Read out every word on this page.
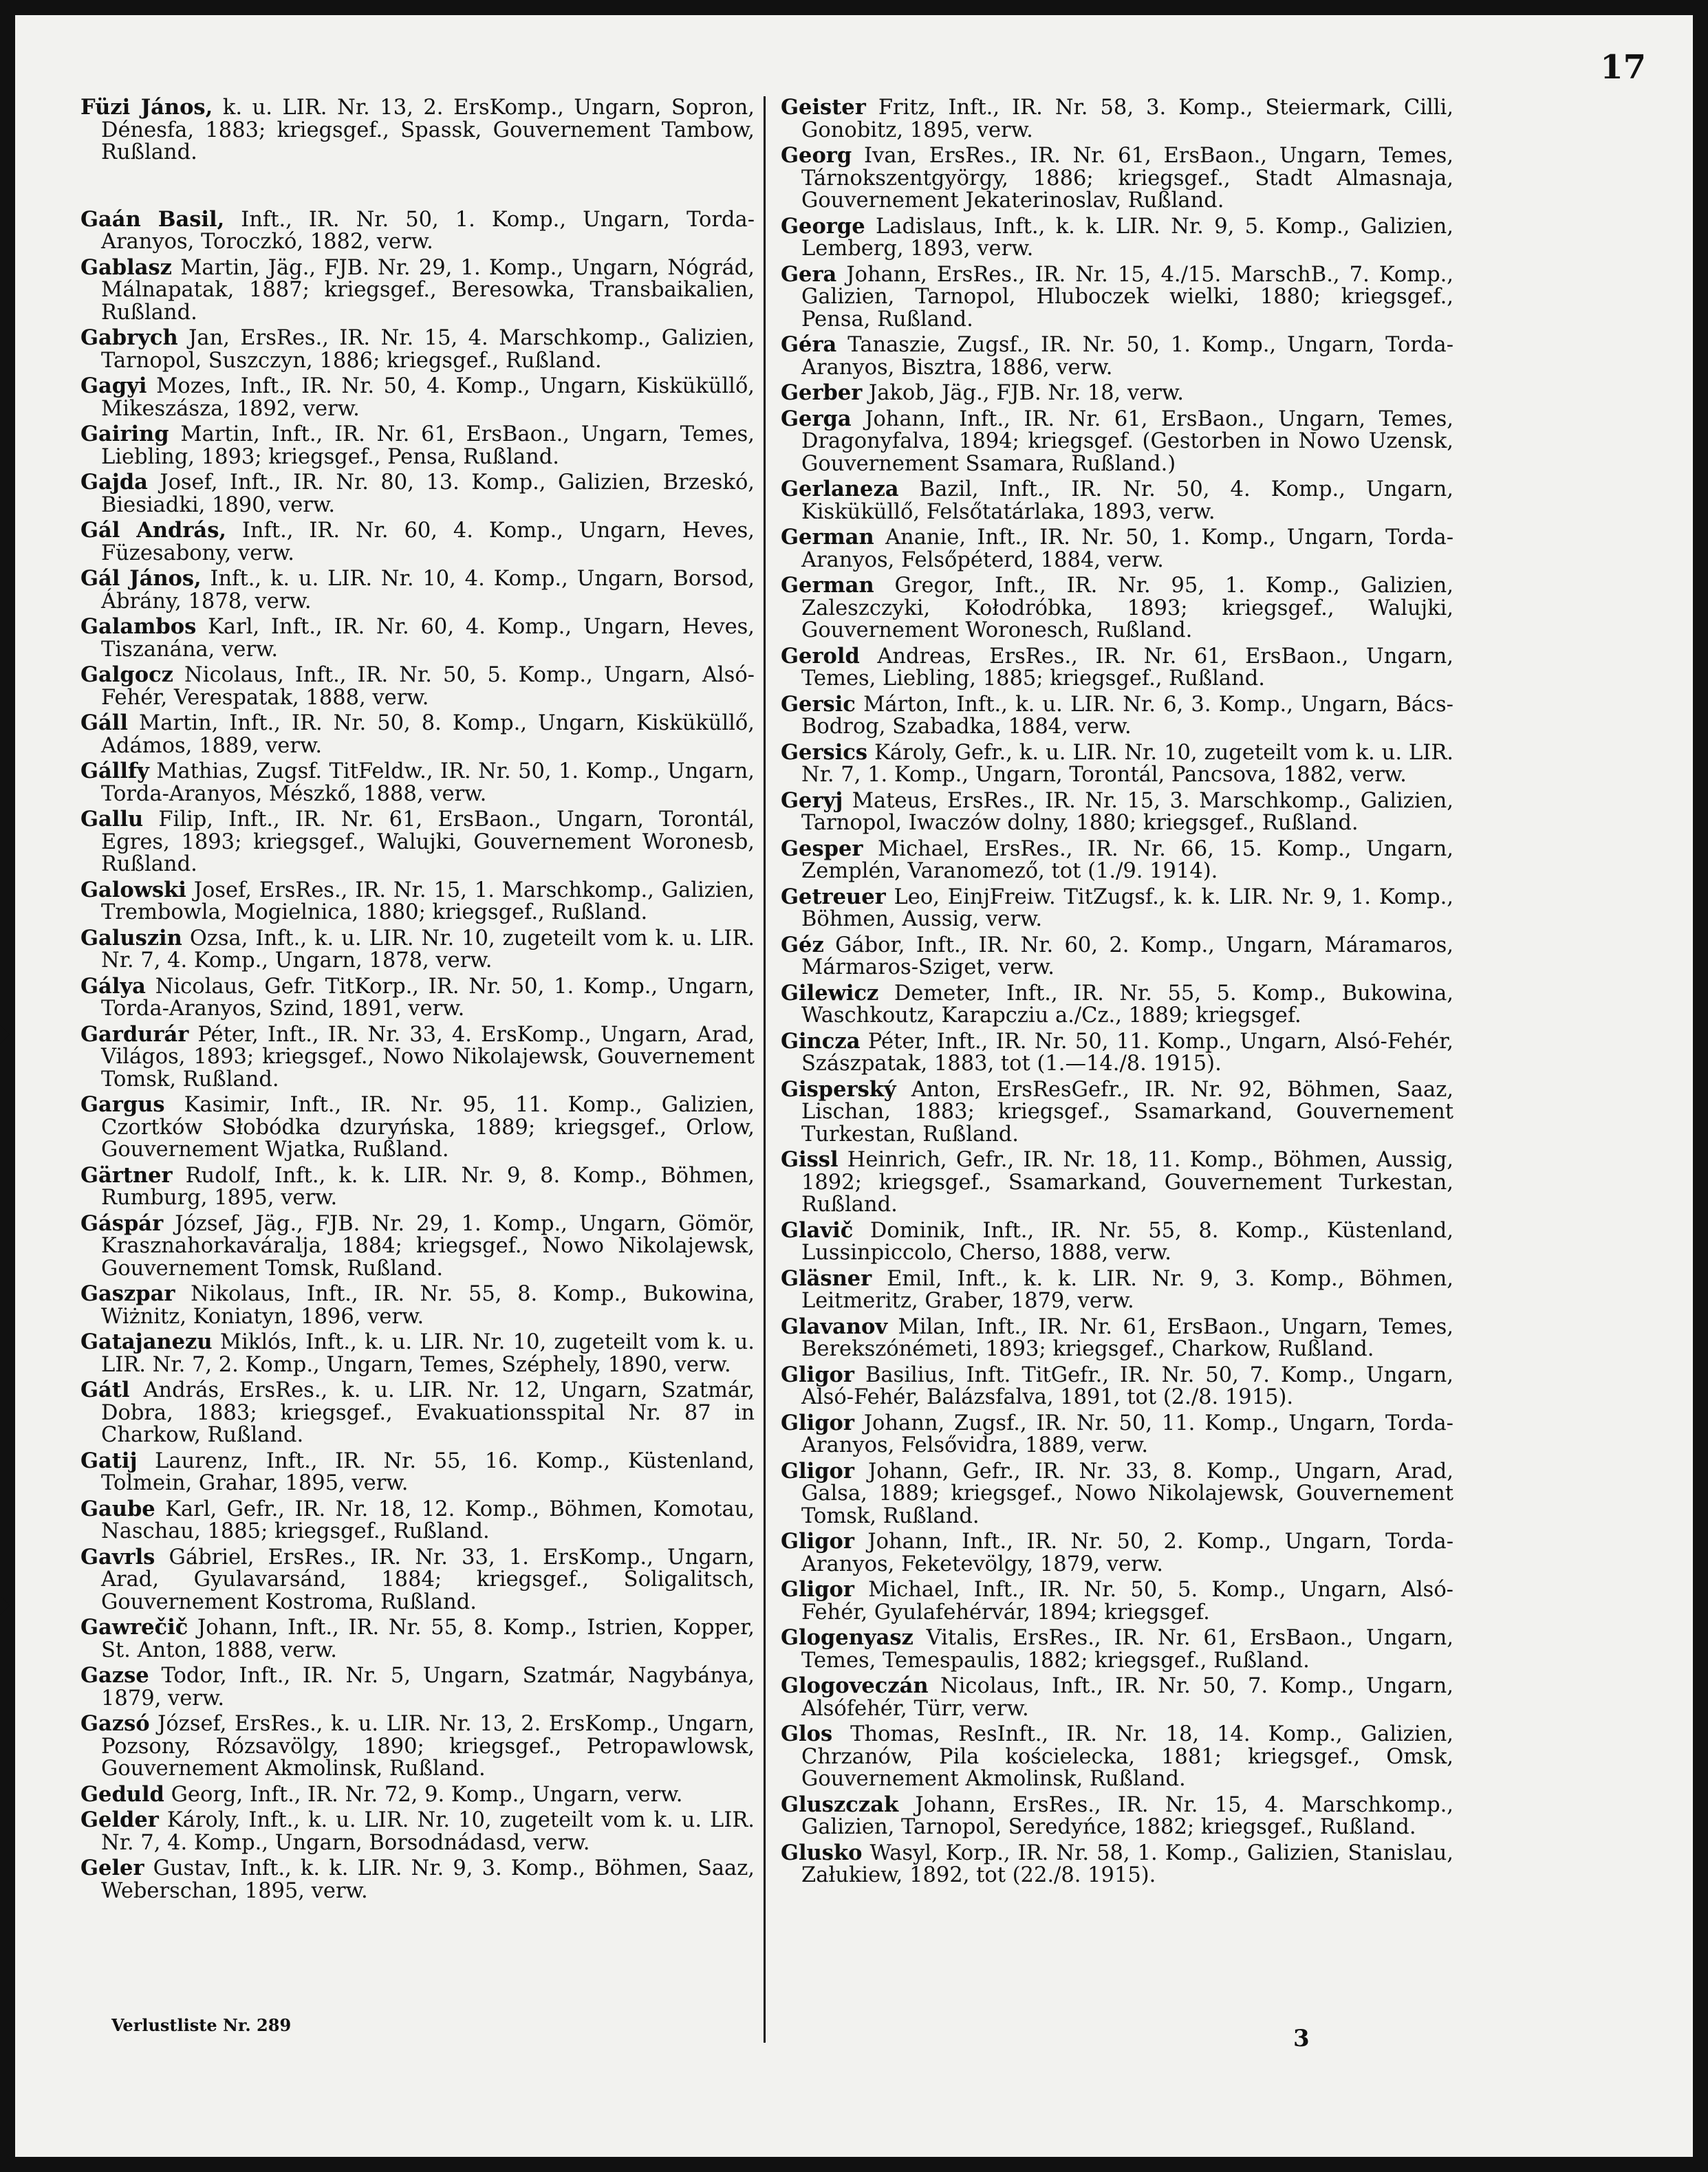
17

Füzi János, k. u. LIR. Nr. 13, 2. ErsKomp., Ungarn, Sopron, Dénesfa, 1883; kriegsgef., Spassk, Gouvernement Tambow, Rußland.

Gaán Basil, Inft., IR. Nr. 50, 1. Komp., Ungarn, Torda-Aranyos, Toroczkó, 1882, verw.

Gablasz Martin, Jäg., FJB. Nr. 29, 1. Komp., Ungarn, Nógrád, Málnapatak, 1887; kriegsgef., Beresowka, Transbaikalien, Rußland.

Gabrych Jan, ErsRes., IR. Nr. 15, 4. Marschkomp., Galizien, Tarnopol, Suszczyn, 1886; kriegsgef., Rußland.

Gagyi Mozes, Inft., IR. Nr. 50, 4. Komp., Ungarn, Kisküküllő, Mikeszásza, 1892, verw.

Gairing Martin, Inft., IR. Nr. 61, ErsBaon., Ungarn, Temes, Liebling, 1893; kriegsgef., Pensa, Rußland.

Gajda Josef, Inft., IR. Nr. 80, 13. Komp., Galizien, Brzeskó, Biesiadki, 1890, verw.

Gál András, Inft., IR. Nr. 60, 4. Komp., Ungarn, Heves, Füzesabony, verw.

Gál János, Inft., k. u. LIR. Nr. 10, 4. Komp., Ungarn, Borsod, Ábrány, 1878, verw.

Galambos Karl, Inft., IR. Nr. 60, 4. Komp., Ungarn, Heves, Tiszanána, verw.

Galgocz Nicolaus, Inft., IR. Nr. 50, 5. Komp., Ungarn, Alsó-Fehér, Verespatak, 1888, verw.

Gáll Martin, Inft., IR. Nr. 50, 8. Komp., Ungarn, Kisküküllő, Adámos, 1889, verw.

Gállfy Mathias, Zugsf. TitFeldw., IR. Nr. 50, 1. Komp., Ungarn, Torda-Aranyos, Mészkő, 1888, verw.

Gallu Filip, Inft., IR. Nr. 61, ErsBaon., Ungarn, Torontál, Egres, 1893; kriegsgef., Walujki, Gouvernement Woronesb, Rußland.

Galowski Josef, ErsRes., IR. Nr. 15, 1. Marschkomp., Galizien, Trembowla, Mogielnica, 1880; kriegsgef., Rußland.

Galuszin Ozsa, Inft., k. u. LIR. Nr. 10, zugeteilt vom k. u. LIR. Nr. 7, 4. Komp., Ungarn, 1878, verw.

Gálya Nicolaus, Gefr. TitKorp., IR. Nr. 50, 1. Komp., Ungarn, Torda-Aranyos, Szind, 1891, verw.

Gardurár Péter, Inft., IR. Nr. 33, 4. ErsKomp., Ungarn, Arad, Világos, 1893; kriegsgef., Nowo Nikolajewsk, Gouvernement Tomsk, Rußland.

Gargus Kasimir, Inft., IR. Nr. 95, 11. Komp., Galizien, Czortków Słobódka dzuryńska, 1889; kriegsgef., Orlow, Gouvernement Wjatka, Rußland.

Gärtner Rudolf, Inft., k. k. LIR. Nr. 9, 8. Komp., Böhmen, Rumburg, 1895, verw.

Gáspár József, Jäg., FJB. Nr. 29, 1. Komp., Ungarn, Gömör, Krasznahorkaváralja, 1884; kriegsgef., Nowo Nikolajewsk, Gouvernement Tomsk, Rußland.

Gaszpar Nikolaus, Inft., IR. Nr. 55, 8. Komp., Bukowina, Wiżnitz, Koniatyn, 1896, verw.

Gatajanezu Miklós, Inft., k. u. LIR. Nr. 10, zugeteilt vom k. u. LIR. Nr. 7, 2. Komp., Ungarn, Temes, Széphely, 1890, verw.

Gátl András, ErsRes., k. u. LIR. Nr. 12, Ungarn, Szatmár, Dobra, 1883; kriegsgef., Evakuationsspital Nr. 87 in Charkow, Rußland.

Gatij Laurenz, Inft., IR. Nr. 55, 16. Komp., Küstenland, Tolmein, Grahar, 1895, verw.

Gaube Karl, Gefr., IR. Nr. 18, 12. Komp., Böhmen, Komotau, Naschau, 1885; kriegsgef., Rußland.

Gavrls Gábriel, ErsRes., IR. Nr. 33, 1. ErsKomp., Ungarn, Arad, Gyulavarsánd, 1884; kriegsgef., Soligalitsch, Gouvernement Kostroma, Rußland.

Gawrečič Johann, Inft., IR. Nr. 55, 8. Komp., Istrien, Kopper, St. Anton, 1888, verw.

Gazse Todor, Inft., IR. Nr. 5, Ungarn, Szatmár, Nagybánya, 1879, verw.

Gazsó József, ErsRes., k. u. LIR. Nr. 13, 2. ErsKomp., Ungarn, Pozsony, Rózsavölgy, 1890; kriegsgef., Petropawlowsk, Gouvernement Akmolinsk, Rußland.

Geduld Georg, Inft., IR. Nr. 72, 9. Komp., Ungarn, verw.

Gelder Károly, Inft., k. u. LIR. Nr. 10, zugeteilt vom k. u. LIR. Nr. 7, 4. Komp., Ungarn, Borsodnádasd, verw.

Geler Gustav, Inft., k. k. LIR. Nr. 9, 3. Komp., Böhmen, Saaz, Weberschan, 1895, verw.

Geister Fritz, Inft., IR. Nr. 58, 3. Komp., Steiermark, Cilli, Gonobitz, 1895, verw.

Georg Ivan, ErsRes., IR. Nr. 61, ErsBaon., Ungarn, Temes, Tárnokszentgyörgy, 1886; kriegsgef., Stadt Almasnaja, Gouvernement Jekaterinoslav, Rußland.

George Ladislaus, Inft., k. k. LIR. Nr. 9, 5. Komp., Galizien, Lemberg, 1893, verw.

Gera Johann, ErsRes., IR. Nr. 15, 4./15. MarschB., 7. Komp., Galizien, Tarnopol, Hluboczek wielki, 1880; kriegsgef., Pensa, Rußland.

Géra Tanaszie, Zugsf., IR. Nr. 50, 1. Komp., Ungarn, Torda-Aranyos, Bisztra, 1886, verw.

Gerber Jakob, Jäg., FJB. Nr. 18, verw.

Gerga Johann, Inft., IR. Nr. 61, ErsBaon., Ungarn, Temes, Dragonyfalva, 1894; kriegsgef. (Gestorben in Nowo Uzensk, Gouvernement Ssamara, Rußland.)

Gerlaneza Bazil, Inft., IR. Nr. 50, 4. Komp., Ungarn, Kisküküllő, Felsőtatárlaka, 1893, verw.

German Ananie, Inft., IR. Nr. 50, 1. Komp., Ungarn, Torda-Aranyos, Felsőpéterd, 1884, verw.

German Gregor, Inft., IR. Nr. 95, 1. Komp., Galizien, Zaleszczyki, Kołodróbka, 1893; kriegsgef., Walujki, Gouvernement Woronesch, Rußland.

Gerold Andreas, ErsRes., IR. Nr. 61, ErsBaon., Ungarn, Temes, Liebling, 1885; kriegsgef., Rußland.

Gersic Márton, Inft., k. u. LIR. Nr. 6, 3. Komp., Ungarn, Bács-Bodrog, Szabadka, 1884, verw.

Gersics Károly, Gefr., k. u. LIR. Nr. 10, zugeteilt vom k. u. LIR. Nr. 7, 1. Komp., Ungarn, Torontál, Pancsova, 1882, verw.

Geryj Mateus, ErsRes., IR. Nr. 15, 3. Marschkomp., Galizien, Tarnopol, Iwaczów dolny, 1880; kriegsgef., Rußland.

Gesper Michael, ErsRes., IR. Nr. 66, 15. Komp., Ungarn, Zemplén, Varanomező, tot (1./9. 1914).

Getreuer Leo, EinjFreiw. TitZugsf., k. k. LIR. Nr. 9, 1. Komp., Böhmen, Aussig, verw.

Géz Gábor, Inft., IR. Nr. 60, 2. Komp., Ungarn, Máramaros, Mármaros-Sziget, verw.

Gilewicz Demeter, Inft., IR. Nr. 55, 5. Komp., Bukowina, Waschkoutz, Karapcziu a./Cz., 1889; kriegsgef.

Gincza Péter, Inft., IR. Nr. 50, 11. Komp., Ungarn, Alsó-Fehér, Szászpatak, 1883, tot (1.—14./8. 1915).

Gisperský Anton, ErsResGefr., IR. Nr. 92, Böhmen, Saaz, Lischan, 1883; kriegsgef., Ssamarkand, Gouvernement Turkestan, Rußland.

Gissl Heinrich, Gefr., IR. Nr. 18, 11. Komp., Böhmen, Aussig, 1892; kriegsgef., Ssamarkand, Gouvernement Turkestan, Rußland.

Glavič Dominik, Inft., IR. Nr. 55, 8. Komp., Küstenland, Lussinpiccolo, Cherso, 1888, verw.

Gläsner Emil, Inft., k. k. LIR. Nr. 9, 3. Komp., Böhmen, Leitmeritz, Graber, 1879, verw.

Glavanov Milan, Inft., IR. Nr. 61, ErsBaon., Ungarn, Temes, Berekszónémeti, 1893; kriegsgef., Charkow, Rußland.

Gligor Basilius, Inft. TitGefr., IR. Nr. 50, 7. Komp., Ungarn, Alsó-Fehér, Balázsfalva, 1891, tot (2./8. 1915).

Gligor Johann, Zugsf., IR. Nr. 50, 11. Komp., Ungarn, Torda-Aranyos, Felsővidra, 1889, verw.

Gligor Johann, Gefr., IR. Nr. 33, 8. Komp., Ungarn, Arad, Galsa, 1889; kriegsgef., Nowo Nikolajewsk, Gouvernement Tomsk, Rußland.

Gligor Johann, Inft., IR. Nr. 50, 2. Komp., Ungarn, Torda-Aranyos, Feketevölgy, 1879, verw.

Gligor Michael, Inft., IR. Nr. 50, 5. Komp., Ungarn, Alsó-Fehér, Gyulafehérvár, 1894; kriegsgef.

Glogenyasz Vitalis, ErsRes., IR. Nr. 61, ErsBaon., Ungarn, Temes, Temespaulis, 1882; kriegsgef., Rußland.

Glogoveczán Nicolaus, Inft., IR. Nr. 50, 7. Komp., Ungarn, Alsófehér, Türr, verw.

Glos Thomas, ResInft., IR. Nr. 18, 14. Komp., Galizien, Chrzanów, Pila kościelecka, 1881; kriegsgef., Omsk, Gouvernement Akmolinsk, Rußland.

Gluszczak Johann, ErsRes., IR. Nr. 15, 4. Marschkomp., Galizien, Tarnopol, Seredyńce, 1882; kriegsgef., Rußland.

Glusko Wasyl, Korp., IR. Nr. 58, 1. Komp., Galizien, Stanislau, Załukiew, 1892, tot (22./8. 1915).

Verlustliste Nr. 289	3
